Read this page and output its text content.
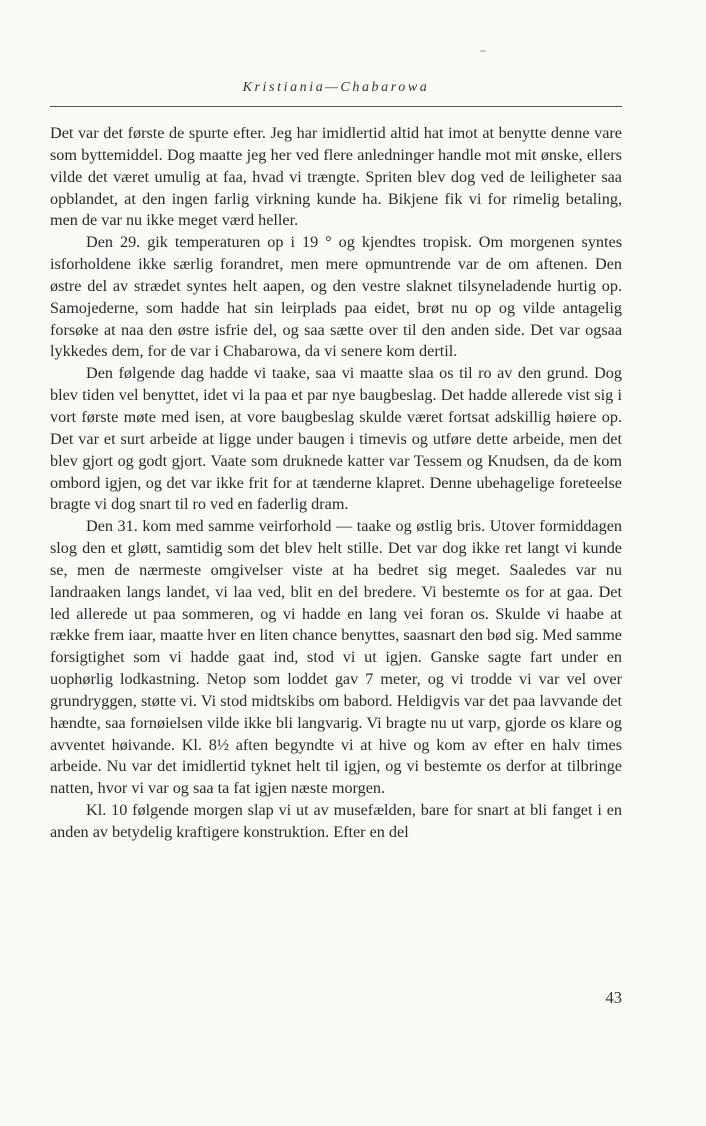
Kristiania—Chabarowa

Det var det første de spurte efter. Jeg har imidlertid altid hat imot at benytte denne vare som byttemiddel. Dog maatte jeg her ved flere anledninger handle mot mit ønske, ellers vilde det været umulig at faa, hvad vi trængte. Spriten blev dog ved de leiligheter saa opblandet, at den ingen farlig virkning kunde ha. Bikjene fik vi for rimelig betaling, men de var nu ikke meget værd heller.

Den 29. gik temperaturen op i 19 ° og kjendtes tropisk. Om morgenen syntes isforholdene ikke særlig forandret, men mere opmuntrende var de om aftenen. Den østre del av strædet syntes helt aapen, og den vestre slaknet tilsyneladende hurtig op. Samojederne, som hadde hat sin leirplads paa eidet, brøt nu op og vilde antagelig forsøke at naa den østre isfrie del, og saa sætte over til den anden side. Det var ogsaa lykkedes dem, for de var i Chabarowa, da vi senere kom dertil.

Den følgende dag hadde vi taake, saa vi maatte slaa os til ro av den grund. Dog blev tiden vel benyttet, idet vi la paa et par nye baugbeslag. Det hadde allerede vist sig i vort første møte med isen, at vore baugbeslag skulde været fortsat adskillig høiere op. Det var et surt arbeide at ligge under baugen i timevis og utføre dette arbeide, men det blev gjort og godt gjort. Vaate som druknede katter var Tessem og Knudsen, da de kom ombord igjen, og det var ikke frit for at tænderne klapret. Denne ubehagelige foreteelse bragte vi dog snart til ro ved en faderlig dram.

Den 31. kom med samme veirforhold — taake og østlig bris. Utover formiddagen slog den et gløtt, samtidig som det blev helt stille. Det var dog ikke ret langt vi kunde se, men de nærmeste omgivelser viste at ha bedret sig meget. Saaledes var nu landraaken langs landet, vi laa ved, blit en del bredere. Vi bestemte os for at gaa. Det led allerede ut paa sommeren, og vi hadde en lang vei foran os. Skulde vi haabe at række frem iaar, maatte hver en liten chance benyttes, saasnart den bød sig. Med samme forsigtighet som vi hadde gaat ind, stod vi ut igjen. Ganske sagte fart under en uophørlig lodkastning. Netop som loddet gav 7 meter, og vi trodde vi var vel over grundryggen, støtte vi. Vi stod midtskibs om babord. Heldigvis var det paa lavvande det hændte, saa fornøielsen vilde ikke bli langvarig. Vi bragte nu ut varp, gjorde os klare og avventet høivande. Kl. 8½ aften begyndte vi at hive og kom av efter en halv times arbeide. Nu var det imidlertid tyknet helt til igjen, og vi bestemte os derfor at tilbringe natten, hvor vi var og saa ta fat igjen næste morgen.

Kl. 10 følgende morgen slap vi ut av musefælden, bare for snart at bli fanget i en anden av betydelig kraftigere konstruktion. Efter en del

43
